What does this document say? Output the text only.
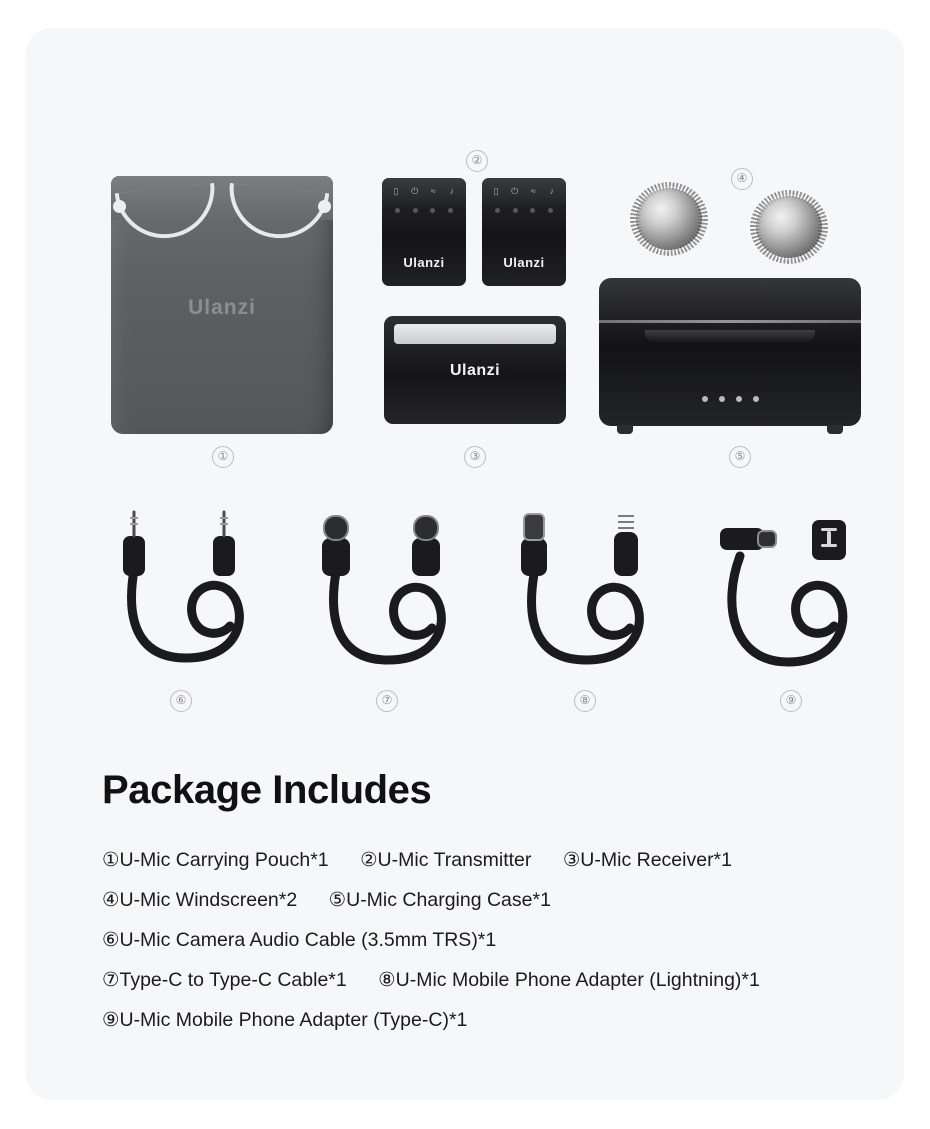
Ulanzi
①
▯ ⏻ ≈ ♪
Ulanzi
▯ ⏻ ≈ ♪
Ulanzi
②
Ulanzi
③
④
⑤
⑥	⑦	⑧	⑨
Package Includes
①U-Mic Carrying Pouch*1 ②U-Mic Transmitter ③U-Mic Receiver*1
④U-Mic Windscreen*2 ⑤U-Mic Charging Case*1
⑥U-Mic Camera Audio Cable (3.5mm TRS)*1
⑦Type-C to Type-C Cable*1 ⑧U-Mic Mobile Phone Adapter (Lightning)*1
⑨U-Mic Mobile Phone Adapter (Type-C)*1
